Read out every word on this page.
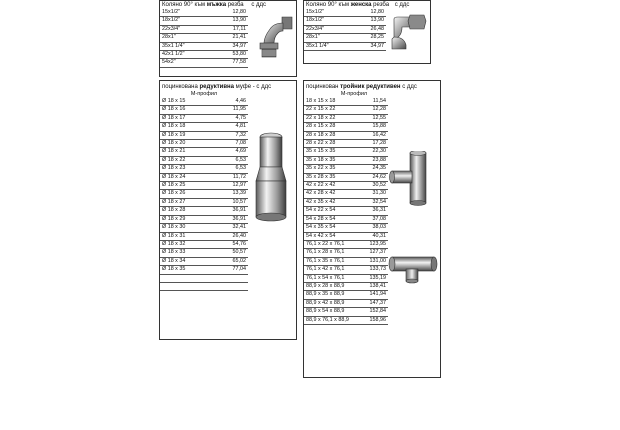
Коляно 90° към мъжка резба с ддс
15x1/2"	12,80
18x1/2"	13,90
22x3/4"	17,11
28x1"	21,41
35x1 1/4"	34,97
42x1 1/2"	53,80
54x2"	77,58
Коляно 90° към женска резба с ддс
15x1/2"	12,80
18x1/2"	13,90
22x3/4"	26,48
28x1"	28,25
35x1 1/4"	34,97
поцинкована редуктивна муфе - с ддс
M-профил
Ø 18 x 15	4,46
Ø 18 x 16	11,95
Ø 18 x 17	4,75
Ø 18 x 18	4,81
Ø 18 x 19	7,32
Ø 18 x 20	7,08
Ø 18 x 21	4,69
Ø 18 x 22	6,53
Ø 18 x 23	6,53
Ø 18 x 24	11,72
Ø 18 x 25	12,97
Ø 18 x 26	13,39
Ø 18 x 27	10,57
Ø 18 x 28	36,91
Ø 18 x 29	36,91
Ø 18 x 30	32,41
Ø 18 x 31	26,40
Ø 18 x 32	54,76
Ø 18 x 33	50,57
Ø 18 x 34	65,02
Ø 18 x 35	77,04

поцинкован тройник редуктивен с ддс
M-профил
18 x 15 x 18	11,54
22 x 15 x 22	12,28
22 x 18 x 22	12,55
28 x 15 x 28	15,88
28 x 18 x 28	16,42
28 x 22 x 28	17,28
35 x 15 x 35	22,30
35 x 18 x 35	23,88
35 x 22 x 35	24,35
35 x 28 x 35	24,62
42 x 22 x 42	30,52
42 x 28 x 42	31,30
42 x 35 x 42	32,54
54 x 22 x 54	36,31
54 x 28 x 54	37,08
54 x 35 x 54	38,03
54 x 42 x 54	40,31
76,1 x 22 x 76,1	123,95
76,1 x 28 x 76,1	127,37
76,1 x 35 x 76,1	131,00
76,1 x 42 x 76,1	133,73
76,1 x 54 x 76,1	135,19
88,9 x 28 x 88,9	138,41
88,9 x 35 x 88,9	141,94
88,9 x 42 x 88,9	147,37
88,9 x 54 x 88,9	152,84
88,9 x 76,1 x 88,9	158,96
